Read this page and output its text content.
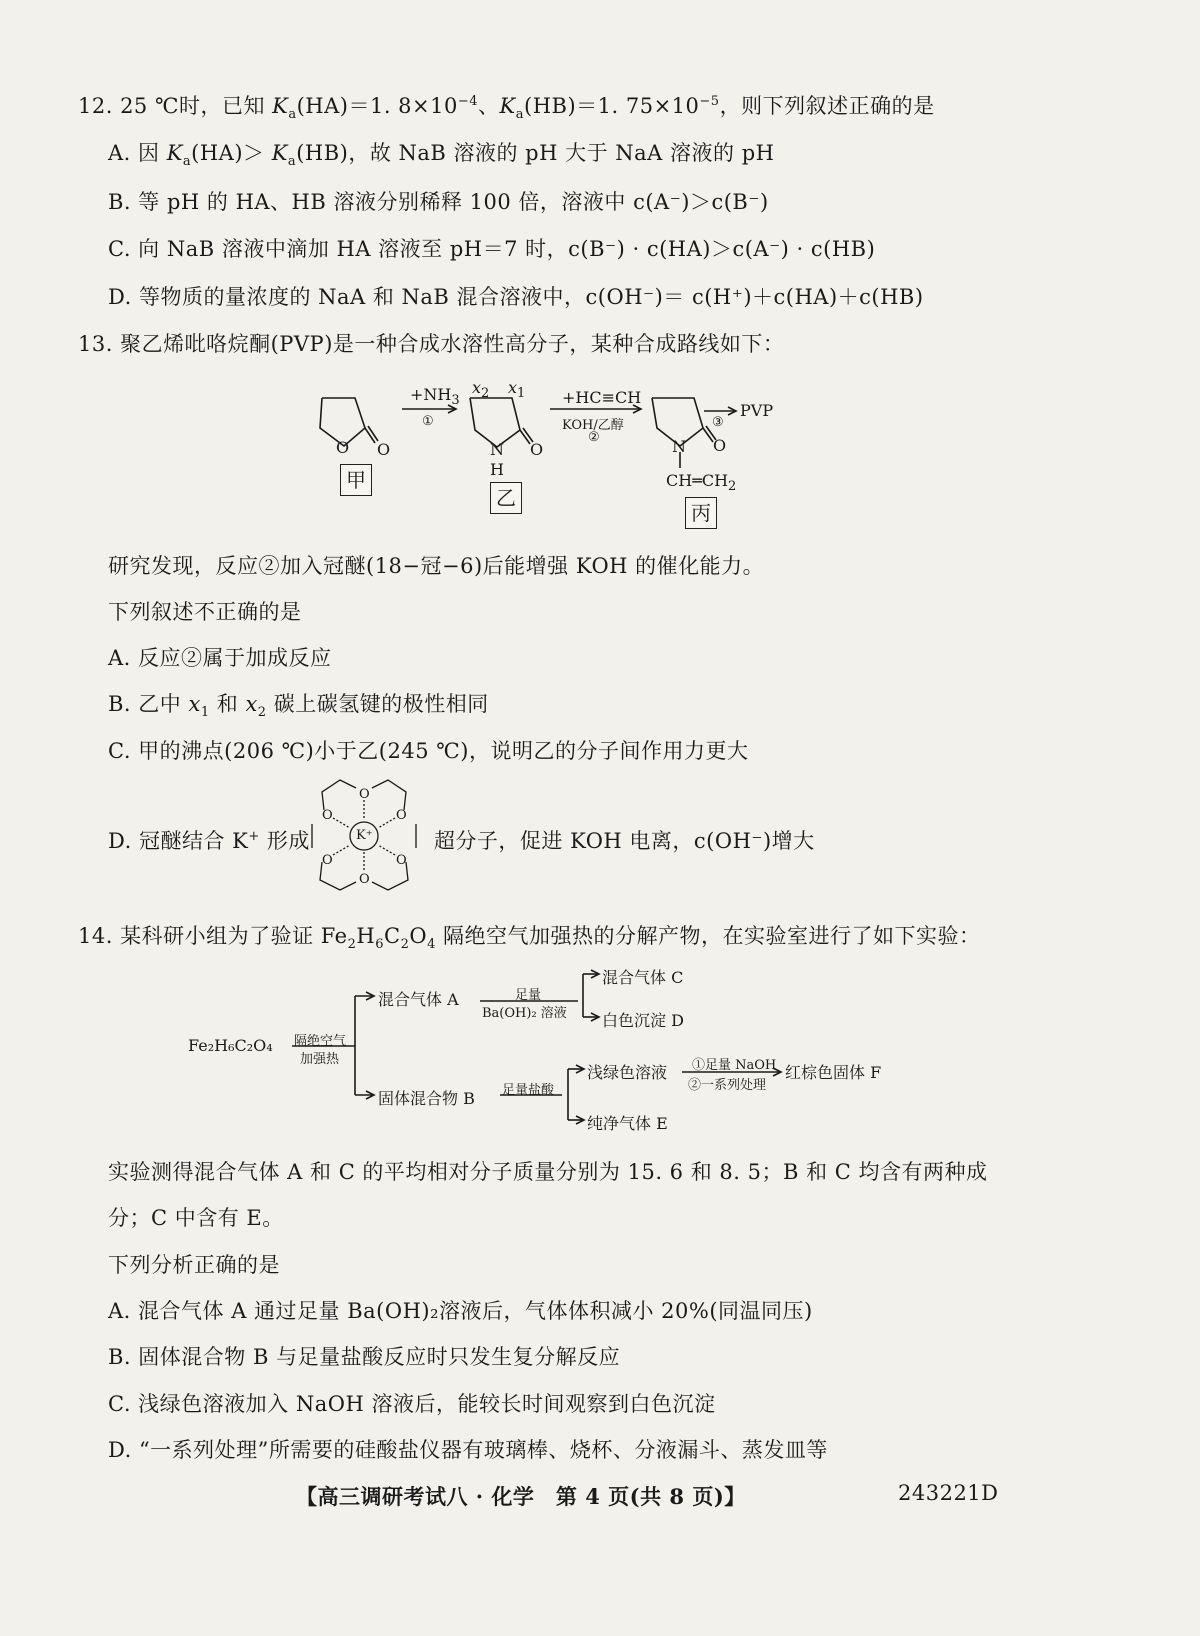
12. 25 ℃时，已知 $K_a(HA)=1$. $8\times 10^{-4}$、$K_a(HB)=1$. $75\times 10^{-5}$，则下列叙述正确的是
A. 因 $K_a(HA)> K_a(HB)$，故 NaB 溶液的 pH 大于 NaA 溶液的 pH
B. 等 pH 的 HA、HB 溶液分别稀释 100 倍，溶液中 c(A⁻)＞c(B⁻)
C. 向 NaB 溶液中滴加 HA 溶液至 pH＝7 时，c(B⁻) · c(HA)＞c(A⁻) · c(HB)
D. 等物质的量浓度的 NaA 和 NaB 混合溶液中，c(OH⁻)＝ c(H⁺)＋c(HA)＋c(HB)
13. 聚乙烯吡咯烷酮(PVP)是一种合成水溶性高分子，某种合成路线如下：
$+NH_3$
①
+HC≡CH
KOH/乙醇
②
③
PVP
O O
$x_2$ $x_1$
N
H
O	N O
$CH═CH_2$
甲
乙
丙
研究发现，反应②加入冠醚(18−冠−6)后能增强 KOH 的催化能力。
下列叙述不正确的是
A. 反应②属于加成反应
B. 乙中 $x_1$ 和 $x_2$ 碳上碳氢键的极性相同
C. 甲的沸点(206 ℃)小于乙(245 ℃)，说明乙的分子间作用力更大
D. 冠醚结合 K+ 形成	超分子，促进 KOH 电离，c(OH⁻)增大
K⁺
O
O
O	O
O	O
14. 某科研小组为了验证 $Fe_2H_6C_2O_4$ 隔绝空气加强热的分解产物，在实验室进行了如下实验：
Fe₂H₆C₂O₄ 隔绝空气
加强热
混合气体 A	足量
Ba(OH)₂ 溶液
混合气体 C
白色沉淀 D
固体混合物 B 足量盐酸
浅绿色溶液 ①足量 NaOH
②一系列处理
红棕色固体 F
纯净气体 E
实验测得混合气体 A 和 C 的平均相对分子质量分别为 15. 6 和 8. 5；B 和 C 均含有两种成
分；C 中含有 E。
下列分析正确的是
A. 混合气体 A 通过足量 Ba(OH)₂溶液后，气体体积减小 20%(同温同压)
B. 固体混合物 B 与足量盐酸反应时只发生复分解反应
C. 浅绿色溶液加入 NaOH 溶液后，能较长时间观察到白色沉淀
D. “一系列处理”所需要的硅酸盐仪器有玻璃棒、烧杯、分液漏斗、蒸发皿等
【高三调研考试八 · 化学　第 4 页(共 8 页)】	243221D
